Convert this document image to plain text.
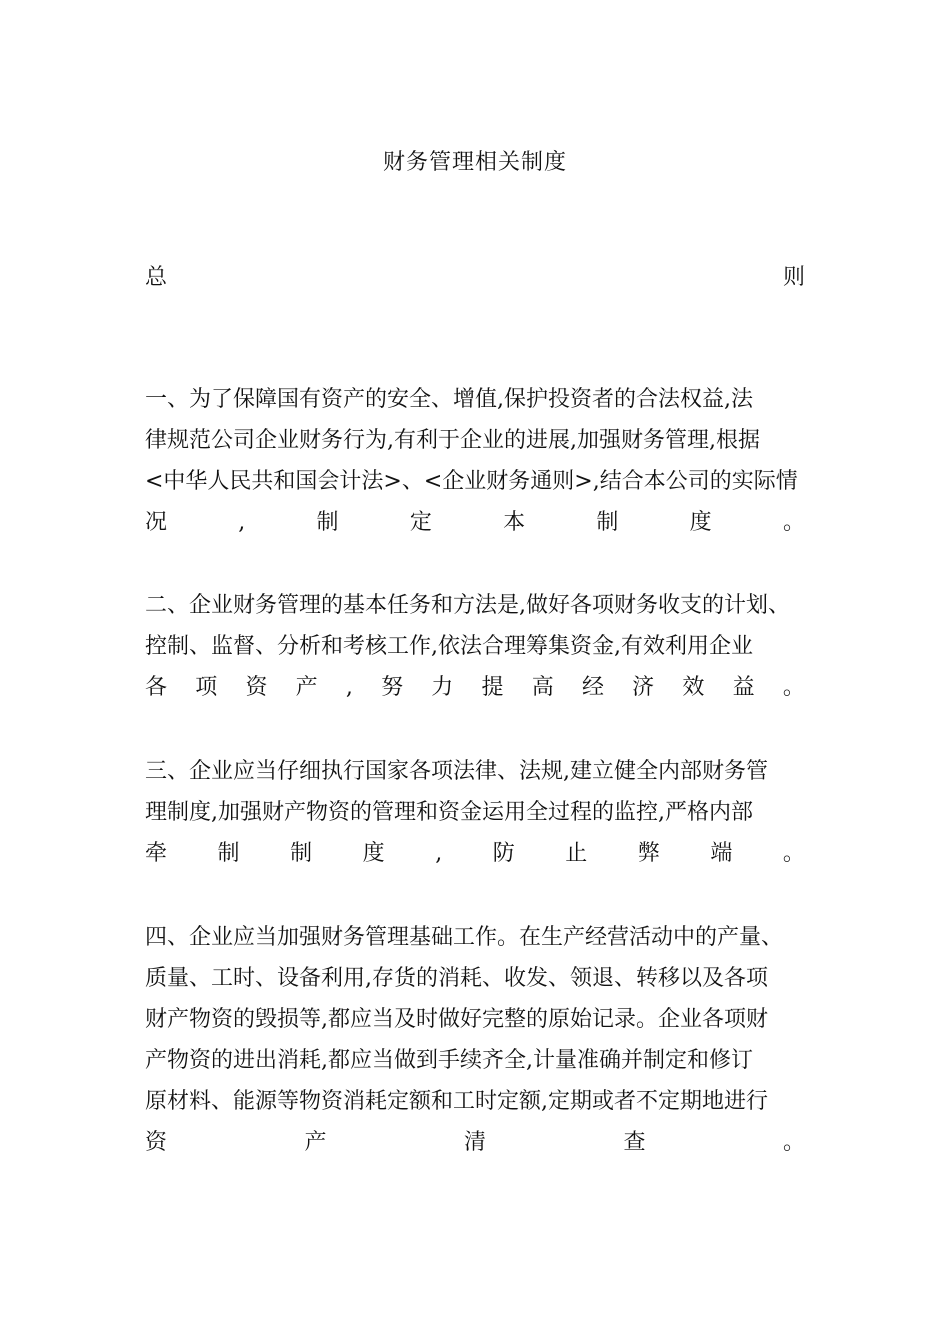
财务管理相关制度
总	则
一、为了保障国有资产的安全、增值,保护投资者的合法权益,法
律规范公司企业财务行为,有利于企业的进展,加强财务管理,根据
<中华人民共和国会计法>、<企业财务通则>,结合本公司的实际情
况	,	制	定	本	制	度	。
二、企业财务管理的基本任务和方法是,做好各项财务收支的计划、
控制、监督、分析和考核工作,依法合理筹集资金,有效利用企业
各 项 资 产 , 努 力 提 高 经 济 效 益 。
三、企业应当仔细执行国家各项法律、法规,建立健全内部财务管
理制度,加强财产物资的管理和资金运用全过程的监控,严格内部
牵 制 制 度 , 防 止 弊 端 。
四、企业应当加强财务管理基础工作。在生产经营活动中的产量、
质量、工时、设备利用,存货的消耗、收发、领退、转移以及各项
财产物资的毁损等,都应当及时做好完整的原始记录。企业各项财
产物资的进出消耗,都应当做到手续齐全,计量准确并制定和修订
原材料、能源等物资消耗定额和工时定额,定期或者不定期地进行
资	产	清	查	。
